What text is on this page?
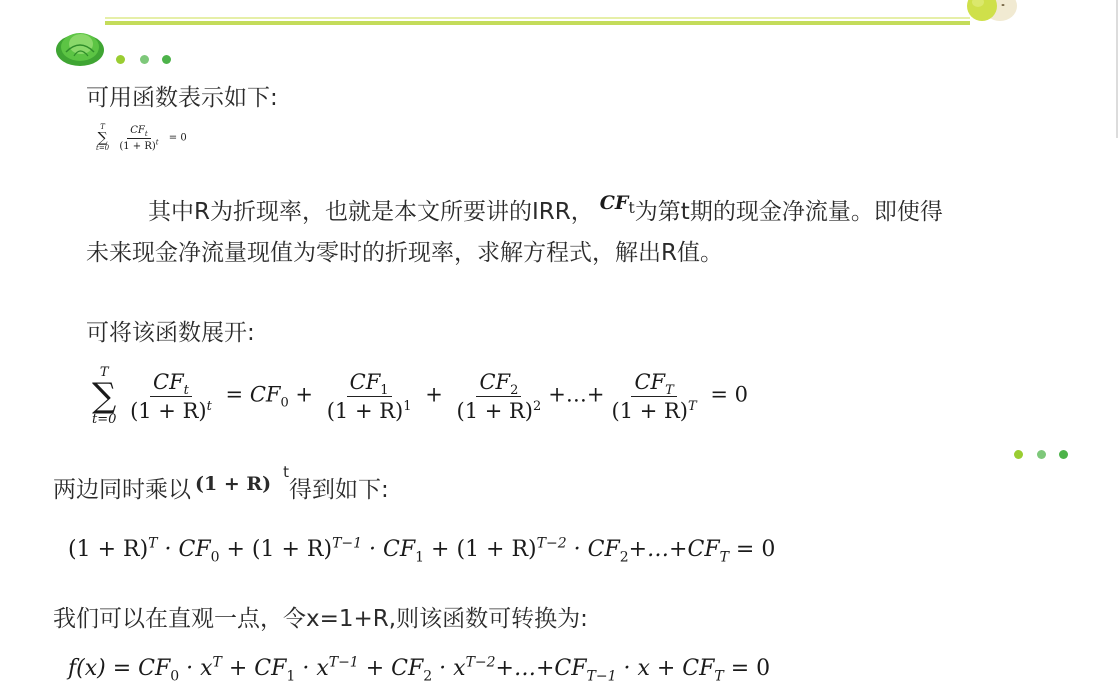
可用函数表示如下:
T
∑
t=0
$\frac{CF_t}{(1 + R)^t} = 0$
其中R为折现率，也就是本文所要讲的IRR， $^{CFt}$为第t期的现金净流量。即使得
未来现金净流量现值为零时的折现率，求解方程式，解出R值。
可将该函数展开:
T
∑
t=0
$\frac{CF_t}{(1 + R)^t} = CF_0 + \frac{CF_1}{(1 + R)^1} + \frac{CF_2}{(1 + R)^2}$ +…+ $\frac{CF_T}{(1 + R)^T} = 0$
两边同时乘以 $^{(1 + R)t}$得到如下:
$(1 + R)^T \cdot CF_0 + (1 + R)^{T-1} \cdot CF_1 + (1 + R)^{T-2}$ · $CF_2+\dots+CF_T = 0$
我们可以在直观一点，令x=1+R,则该函数可转换为:
$f(x) = CF_0 \cdot x^T + CF_1 \cdot x^{T-1} + CF_2$ · $x^{T-2}+\dots+CF_{T-1} \cdot x + CF_T = 0$
